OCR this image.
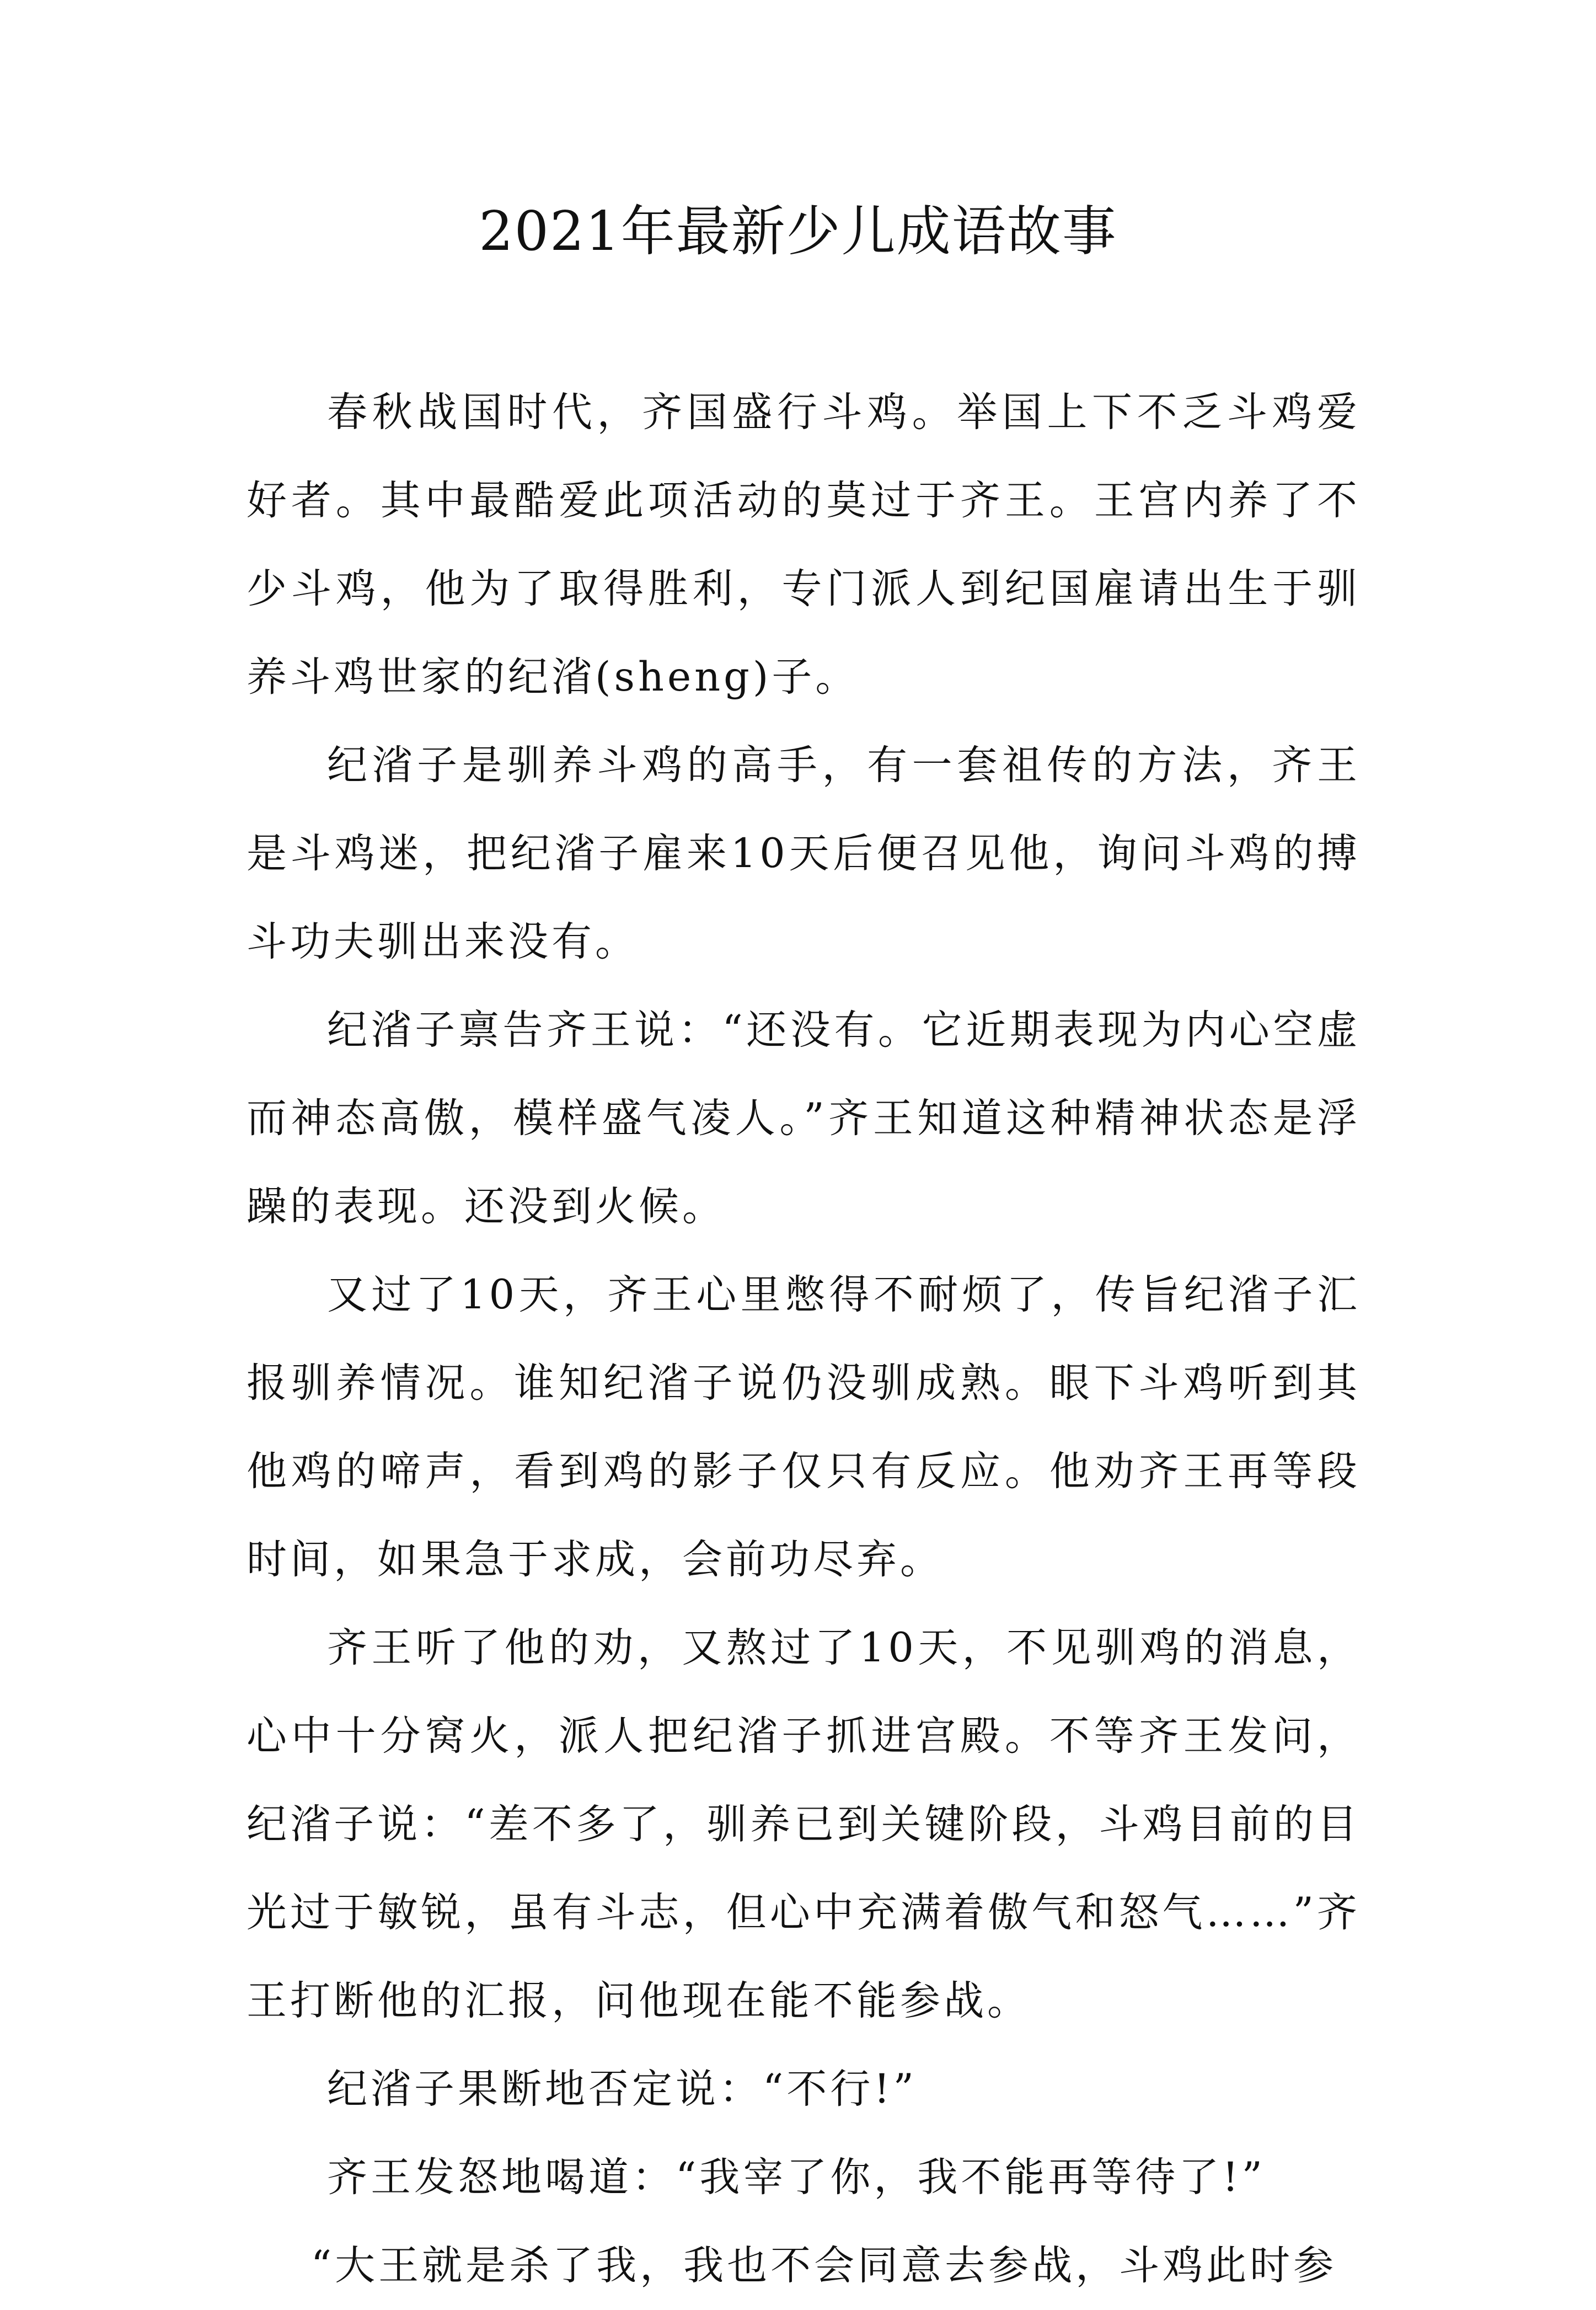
2021年最新少儿成语故事

春秋战国时代，齐国盛行斗鸡。举国上下不乏斗鸡爱好者。其中最酷爱此项活动的莫过于齐王。王宫内养了不少斗鸡，他为了取得胜利，专门派人到纪国雇请出生于驯养斗鸡世家的纪渻(sheng)子。

纪渻子是驯养斗鸡的高手，有一套祖传的方法，齐王是斗鸡迷，把纪渻子雇来10天后便召见他，询问斗鸡的搏斗功夫驯出来没有。

纪渻子禀告齐王说：“还没有。它近期表现为内心空虚而神态高傲，模样盛气凌人。”齐王知道这种精神状态是浮躁的表现。还没到火候。

又过了10天，齐王心里憋得不耐烦了，传旨纪渻子汇报驯养情况。谁知纪渻子说仍没驯成熟。眼下斗鸡听到其他鸡的啼声，看到鸡的影子仅只有反应。他劝齐王再等段时间，如果急于求成，会前功尽弃。

齐王听了他的劝，又熬过了10天，不见驯鸡的消息，心中十分窝火，派人把纪渻子抓进宫殿。不等齐王发问，纪渻子说：“差不多了，驯养已到关键阶段，斗鸡目前的目光过于敏锐，虽有斗志，但心中充满着傲气和怒气……”齐王打断他的汇报，问他现在能不能参战。

纪渻子果断地否定说：“不行!”

齐王发怒地喝道：“我宰了你，我不能再等待了!”

“大王就是杀了我，我也不会同意去参战，斗鸡此时参
